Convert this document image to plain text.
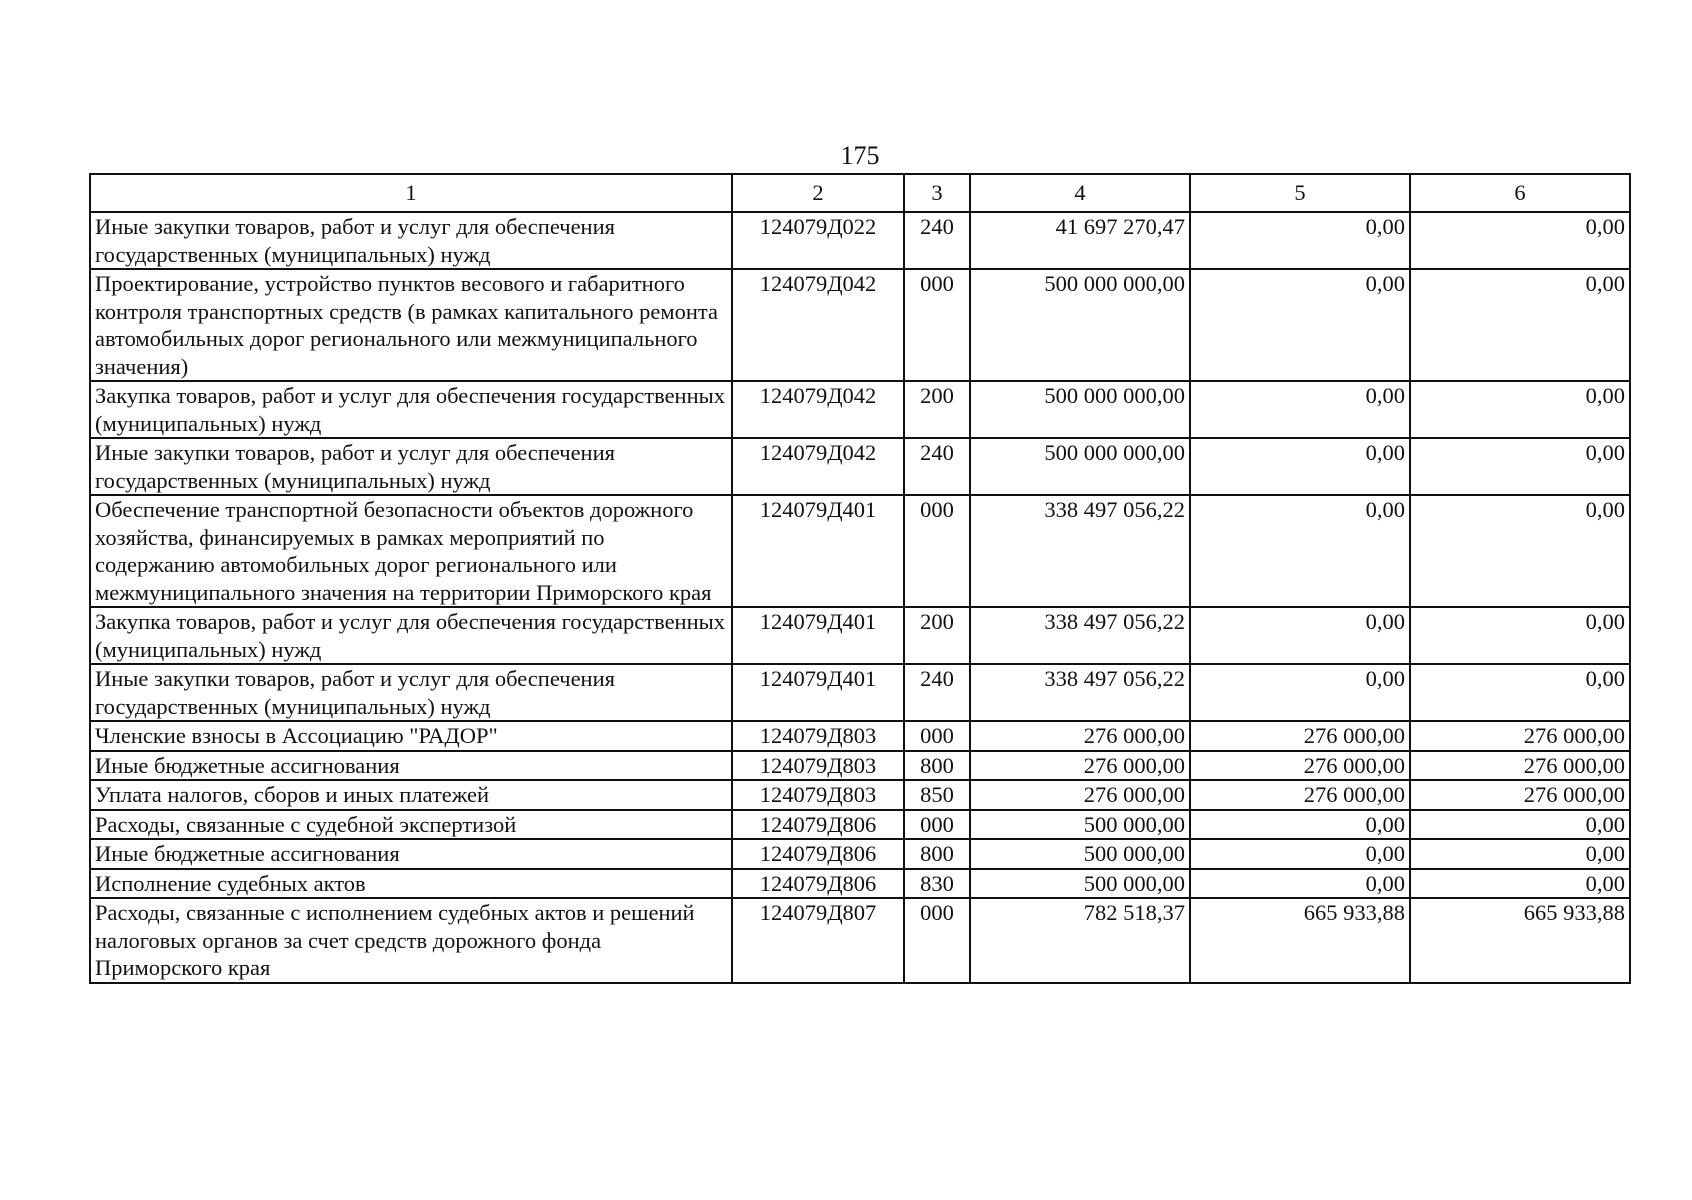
175
1	2	3	4	5	6
Иные закупки товаров, работ и услуг для обеспечения государственных (муниципальных) нужд	124079Д022	240	41 697 270,47	0,00	0,00
Проектирование, устройство пунктов весового и габаритного контроля транспортных средств (в рамках капитального ремонта автомобильных дорог регионального или межмуниципального значения)	124079Д042	000	500 000 000,00	0,00	0,00
Закупка товаров, работ и услуг для обеспечения государственных (муниципальных) нужд	124079Д042	200	500 000 000,00	0,00	0,00
Иные закупки товаров, работ и услуг для обеспечения государственных (муниципальных) нужд	124079Д042	240	500 000 000,00	0,00	0,00
Обеспечение транспортной безопасности объектов дорожного хозяйства, финансируемых в рамках мероприятий по содержанию автомобильных дорог регионального или межмуниципального значения на территории Приморского края	124079Д401	000	338 497 056,22	0,00	0,00
Закупка товаров, работ и услуг для обеспечения государственных (муниципальных) нужд	124079Д401	200	338 497 056,22	0,00	0,00
Иные закупки товаров, работ и услуг для обеспечения государственных (муниципальных) нужд	124079Д401	240	338 497 056,22	0,00	0,00
Членские взносы в Ассоциацию "РАДОР"	124079Д803	000	276 000,00	276 000,00	276 000,00
Иные бюджетные ассигнования	124079Д803	800	276 000,00	276 000,00	276 000,00
Уплата налогов, сборов и иных платежей	124079Д803	850	276 000,00	276 000,00	276 000,00
Расходы, связанные с судебной экспертизой	124079Д806	000	500 000,00	0,00	0,00
Иные бюджетные ассигнования	124079Д806	800	500 000,00	0,00	0,00
Исполнение судебных актов	124079Д806	830	500 000,00	0,00	0,00
Расходы, связанные с исполнением судебных актов и решений налоговых органов за счет средств дорожного фонда Приморского края	124079Д807	000	782 518,37	665 933,88	665 933,88
